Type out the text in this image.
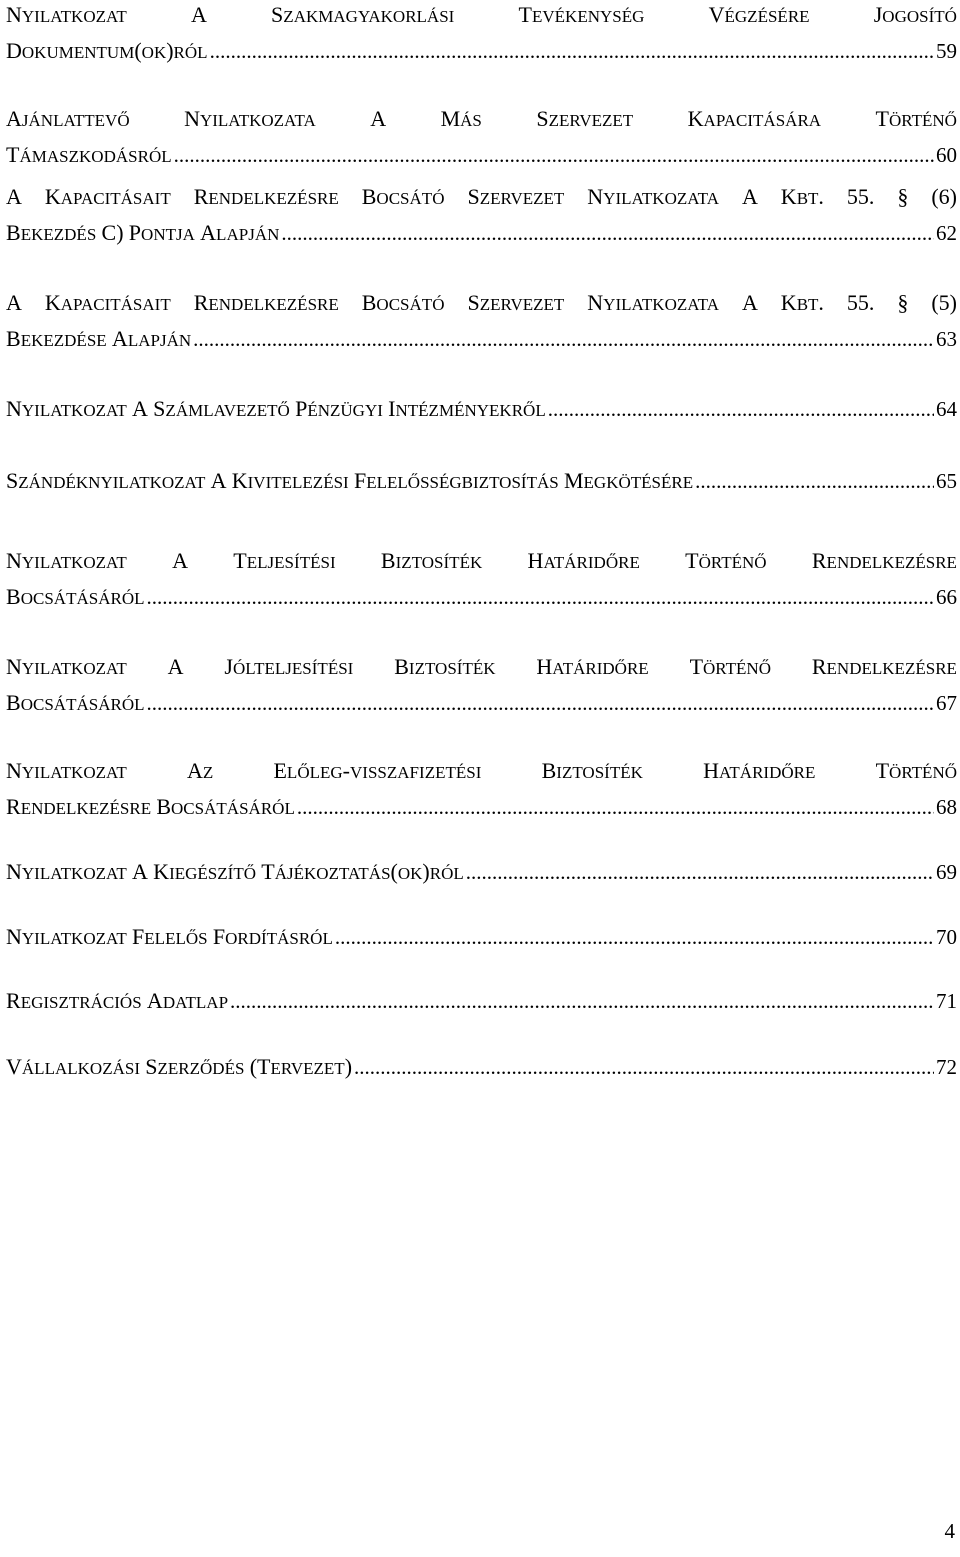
NYILATKOZAT	A	SZAKMAGYAKORLÁSI	TEVÉKENYSÉG	VÉGZÉSÉRE	JOGOSÍTÓ
DOKUMENTUM(OK)RÓL .....	59
AJÁNLATTEVŐ NYILATKOZATA A MÁS SZERVEZET KAPACITÁSÁRA TÖRTÉNŐ
TÁMASZKODÁSRÓL .....	60
A KAPACITÁSAIT RENDELKEZÉSRE BOCSÁTÓ SZERVEZET NYILATKOZATA A KBT. 55. § (6)
BEKEZDÉS C) PONTJA ALAPJÁN .....	62
A KAPACITÁSAIT RENDELKEZÉSRE BOCSÁTÓ SZERVEZET NYILATKOZATA A KBT. 55. § (5)
BEKEZDÉSE ALAPJÁN .....	63
NYILATKOZAT A SZÁMLAVEZETŐ PÉNZÜGYI INTÉZMÉNYEKRŐL .....	64
SZÁNDÉKNYILATKOZAT A KIVITELEZÉSI FELELŐSSÉGBIZTOSÍTÁS MEGKÖTÉSÉRE .....	65
NYILATKOZAT A TELJESÍTÉSI BIZTOSÍTÉK HATÁRIDŐRE TÖRTÉNŐ RENDELKEZÉSRE
BOCSÁTÁSÁRÓL .....	66
NYILATKOZAT A JÓLTELJESÍTÉSI BIZTOSÍTÉK HATÁRIDŐRE TÖRTÉNŐ RENDELKEZÉSRE
BOCSÁTÁSÁRÓL .....	67
NYILATKOZAT	AZ	ELŐLEG-VISSZAFIZETÉSI	BIZTOSÍTÉK	HATÁRIDŐRE	TÖRTÉNŐ
RENDELKEZÉSRE BOCSÁTÁSÁRÓL .....	68
NYILATKOZAT A KIEGÉSZÍTŐ TÁJÉKOZTATÁS(OK)RÓL .....	69
NYILATKOZAT FELELŐS FORDÍTÁSRÓL .....	70
REGISZTRÁCIÓS ADATLAP .....	71
VÁLLALKOZÁSI SZERZŐDÉS (TERVEZET) .....	72
4
